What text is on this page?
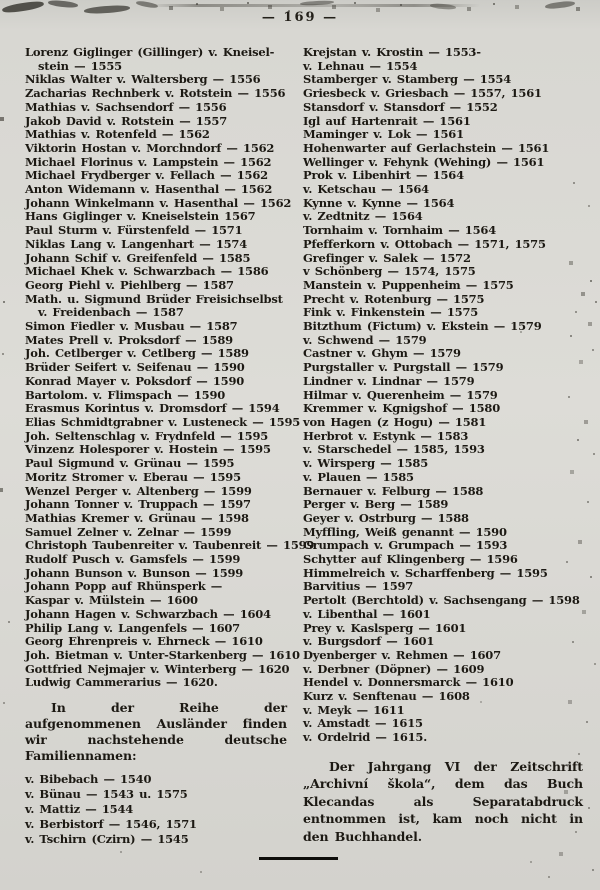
— 169 —
Lorenz Giglinger (Gillinger) v. Kneisel-
stein — 1555
Niklas Walter v. Waltersberg — 1556
Zacharias Rechnberk v. Rotstein — 1556
Mathias v. Sachsendorf — 1556
Jakob David v. Rotstein — 1557
Mathias v. Rotenfeld — 1562
Viktorin Hostan v. Morchndorf — 1562
Michael Florinus v. Lampstein — 1562
Michael Frydberger v. Fellach — 1562
Anton Widemann v. Hasenthal — 1562
Johann Winkelmann v. Hasenthal — 1562
Hans Giglinger v. Kneiselstein 1567
Paul Sturm v. Fürstenfeld — 1571
Niklas Lang v. Langenhart — 1574
Johann Schif v. Greifenfeld — 1585
Michael Khek v. Schwarzbach — 1586
Georg Piehl v. Piehlberg — 1587
Math. u. Sigmund Brüder Freisichselbst
v. Freidenbach — 1587
Simon Fiedler v. Musbau — 1587
Mates Prell v. Proksdorf — 1589
Joh. Cetlberger v. Cetlberg — 1589
Brüder Seifert v. Seifenau — 1590
Konrad Mayer v. Poksdorf — 1590
Bartolom. v. Flimspach — 1590
Erasmus Korintus v. Dromsdorf — 1594
Elias Schmidtgrabner v. Lusteneck — 1595
Joh. Seltenschlag v. Frydnfeld — 1595
Vinzenz Holesporer v. Hostein — 1595
Paul Sigmund v. Grünau — 1595
Moritz Stromer v. Eberau — 1595
Wenzel Perger v. Altenberg — 1599
Johann Tonner v. Truppach — 1597
Mathias Kremer v. Grünau — 1598
Samuel Zelner v. Zelnar — 1599
Christoph Taubenreiter v. Taubenreit — 1599
Rudolf Pusch v. Gamsfels — 1599
Johann Bunson v. Bunson — 1599
Johann Popp auf Rhünsperk —
Kaspar v. Mülstein — 1600
Johann Hagen v. Schwarzbach — 1604
Philip Lang v. Langenfels — 1607
Georg Ehrenpreis v. Ehrneck — 1610
Joh. Bietman v. Unter-Starkenberg — 1610
Gottfried Nejmajer v. Winterberg — 1620
Ludwig Cammerarius — 1620.
In der Reihe der aufgenommenen Ausländer finden wir nachstehende deutsche Familiennamen:
v. Bibebach — 1540
v. Bünau — 1543 u. 1575
v. Mattiz — 1544
v. Berbistorf — 1546, 1571
v. Tschirn (Czirn) — 1545
Krejstan v. Krostin — 1553-
v. Lehnau — 1554
Stamberger v. Stamberg — 1554
Griesbeck v. Griesbach — 1557, 1561
Stansdorf v. Stansdorf — 1552
Igl auf Hartenrait — 1561
Maminger v. Lok — 1561
Hohenwarter auf Gerlachstein — 1561
Wellinger v. Fehynk (Wehing) — 1561
Prok v. Libenhirt — 1564
v. Ketschau — 1564
Kynne v. Kynne — 1564
v. Zedtnitz — 1564
Tornhaim v. Tornhaim — 1564
Pfefferkorn v. Ottobach — 1571, 1575
Grefinger v. Salek — 1572
v Schönberg — 1574, 1575
Manstein v. Puppenheim — 1575
Precht v. Rotenburg — 1575
Fink v. Finkenstein — 1575
Bitzthum (Fictum) v. Ekstein — 1579
v. Schwend — 1579
Castner v. Ghym — 1579
Purgstaller v. Purgstall — 1579
Lindner v. Lindnar — 1579
Hilmar v. Querenheim — 1579
Kremmer v. Kgnigshof — 1580
von Hagen (z Hogu) — 1581
Herbrot v. Estynk — 1583
v. Starschedel — 1585, 1593
v. Wirsperg — 1585
v. Plauen — 1585
Bernauer v. Felburg — 1588
Perger v. Berg — 1589
Geyer v. Ostrburg — 1588
Myffling, Weiß genannt — 1590
Grumpach v. Grumpach — 1593
Schytter auf Klingenberg — 1596
Himmelreich v. Scharffenberg — 1595
Barvitius — 1597
Pertolt (Berchtold) v. Sachsengang — 1598
v. Libenthal — 1601
Prey v. Kaslsperg — 1601
v. Burgsdorf — 1601
Dyenberger v. Rehmen — 1607
v. Derbner (Döpner) — 1609
Hendel v. Donnersmarck — 1610
Kurz v. Senftenau — 1608
v. Meyk — 1611
v. Amstadt — 1615
v. Ordelrid — 1615.
Der Jahrgang VI der Zeitschrift „Archivní škola“, dem das Buch Klecandas als Separatabdruck entnommen ist, kam noch nicht in den Buchhandel.
